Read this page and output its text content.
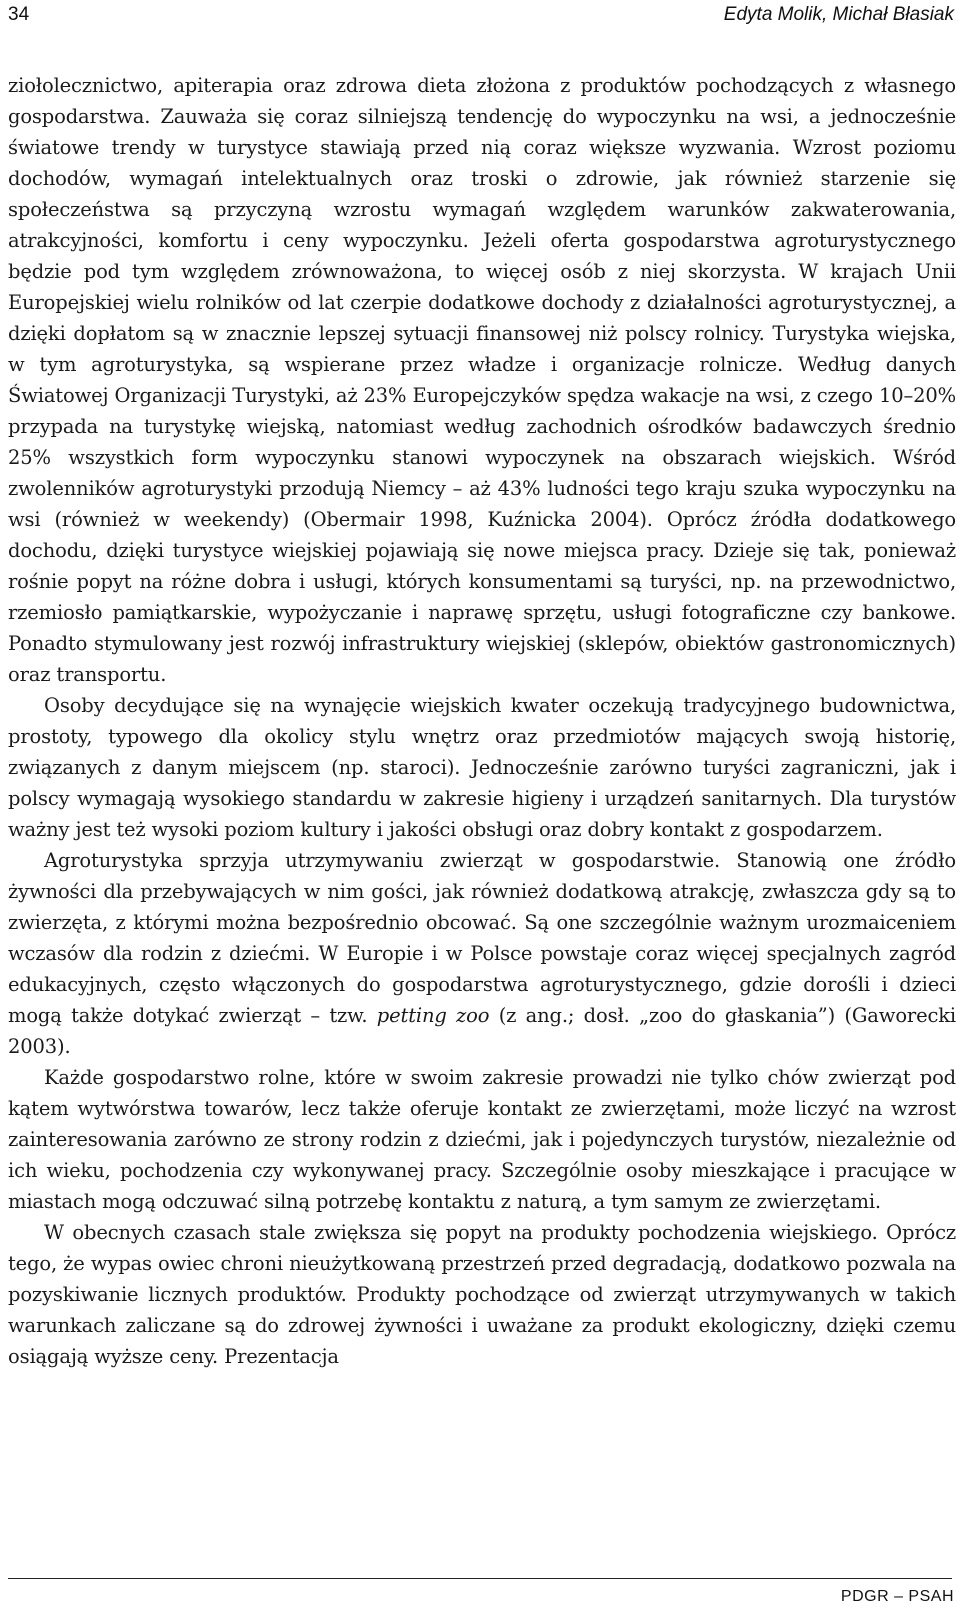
34	Edyta Molik, Michał Błasiak

ziołolecznictwo, apiterapia oraz zdrowa dieta złożona z produktów pochodzących z własnego gospodarstwa. Zauważa się coraz silniejszą tendencję do wypoczynku na wsi, a jednocześnie światowe trendy w turystyce stawiają przed nią coraz większe wyzwania. Wzrost poziomu dochodów, wymagań intelektualnych oraz troski o zdrowie, jak również starzenie się społeczeństwa są przyczyną wzrostu wymagań względem warunków zakwaterowania, atrakcyjności, komfortu i ceny wypoczynku. Jeżeli oferta gospodarstwa agroturystycznego będzie pod tym względem zrównoważona, to więcej osób z niej skorzysta. W krajach Unii Europejskiej wielu rolników od lat czerpie dodatkowe dochody z działalności agroturystycznej, a dzięki dopłatom są w znacznie lepszej sytuacji finansowej niż polscy rolnicy. Turystyka wiejska, w tym agroturystyka, są wspierane przez władze i organizacje rolnicze. Według danych Światowej Organizacji Turystyki, aż 23% Europejczyków spędza wakacje na wsi, z czego 10–20% przypada na turystykę wiejską, natomiast według zachodnich ośrodków badawczych średnio 25% wszystkich form wypoczynku stanowi wypoczynek na obszarach wiejskich. Wśród zwolenników agroturystyki przodują Niemcy – aż 43% ludności tego kraju szuka wypoczynku na wsi (również w weekendy) (Obermair 1998, Kuźnicka 2004). Oprócz źródła dodatkowego dochodu, dzięki turystyce wiejskiej pojawiają się nowe miejsca pracy. Dzieje się tak, ponieważ rośnie popyt na różne dobra i usługi, których konsumentami są turyści, np. na przewodnictwo, rzemiosło pamiątkarskie, wypożyczanie i naprawę sprzętu, usługi fotograficzne czy bankowe. Ponadto stymulowany jest rozwój infrastruktury wiejskiej (sklepów, obiektów gastronomicznych) oraz transportu.

Osoby decydujące się na wynajęcie wiejskich kwater oczekują tradycyjnego budownictwa, prostoty, typowego dla okolicy stylu wnętrz oraz przedmiotów mających swoją historię, związanych z danym miejscem (np. staroci). Jednocześnie zarówno turyści zagraniczni, jak i polscy wymagają wysokiego standardu w zakresie higieny i urządzeń sanitarnych. Dla turystów ważny jest też wysoki poziom kultury i jakości obsługi oraz dobry kontakt z gospodarzem.

Agroturystyka sprzyja utrzymywaniu zwierząt w gospodarstwie. Stanowią one źródło żywności dla przebywających w nim gości, jak również dodatkową atrakcję, zwłaszcza gdy są to zwierzęta, z którymi można bezpośrednio obcować. Są one szczególnie ważnym urozmaiceniem wczasów dla rodzin z dziećmi. W Europie i w Polsce powstaje coraz więcej specjalnych zagród edukacyjnych, często włączonych do gospodarstwa agroturystycznego, gdzie dorośli i dzieci mogą także dotykać zwierząt – tzw. petting zoo (z ang.; dosł. „zoo do głaskania”) (Gaworecki 2003).

Każde gospodarstwo rolne, które w swoim zakresie prowadzi nie tylko chów zwierząt pod kątem wytwórstwa towarów, lecz także oferuje kontakt ze zwierzętami, może liczyć na wzrost zainteresowania zarówno ze strony rodzin z dziećmi, jak i pojedynczych turystów, niezależnie od ich wieku, pochodzenia czy wykonywanej pracy. Szczególnie osoby mieszkające i pracujące w miastach mogą odczuwać silną potrzebę kontaktu z naturą, a tym samym ze zwierzętami.

W obecnych czasach stale zwiększa się popyt na produkty pochodzenia wiejskiego. Oprócz tego, że wypas owiec chroni nieużytkowaną przestrzeń przed degradacją, dodatkowo pozwala na pozyskiwanie licznych produktów. Produkty pochodzące od zwierząt utrzymywanych w takich warunkach zaliczane są do zdrowej żywności i uważane za produkt ekologiczny, dzięki czemu osiągają wyższe ceny. Prezentacja

PDGR – PSAH
